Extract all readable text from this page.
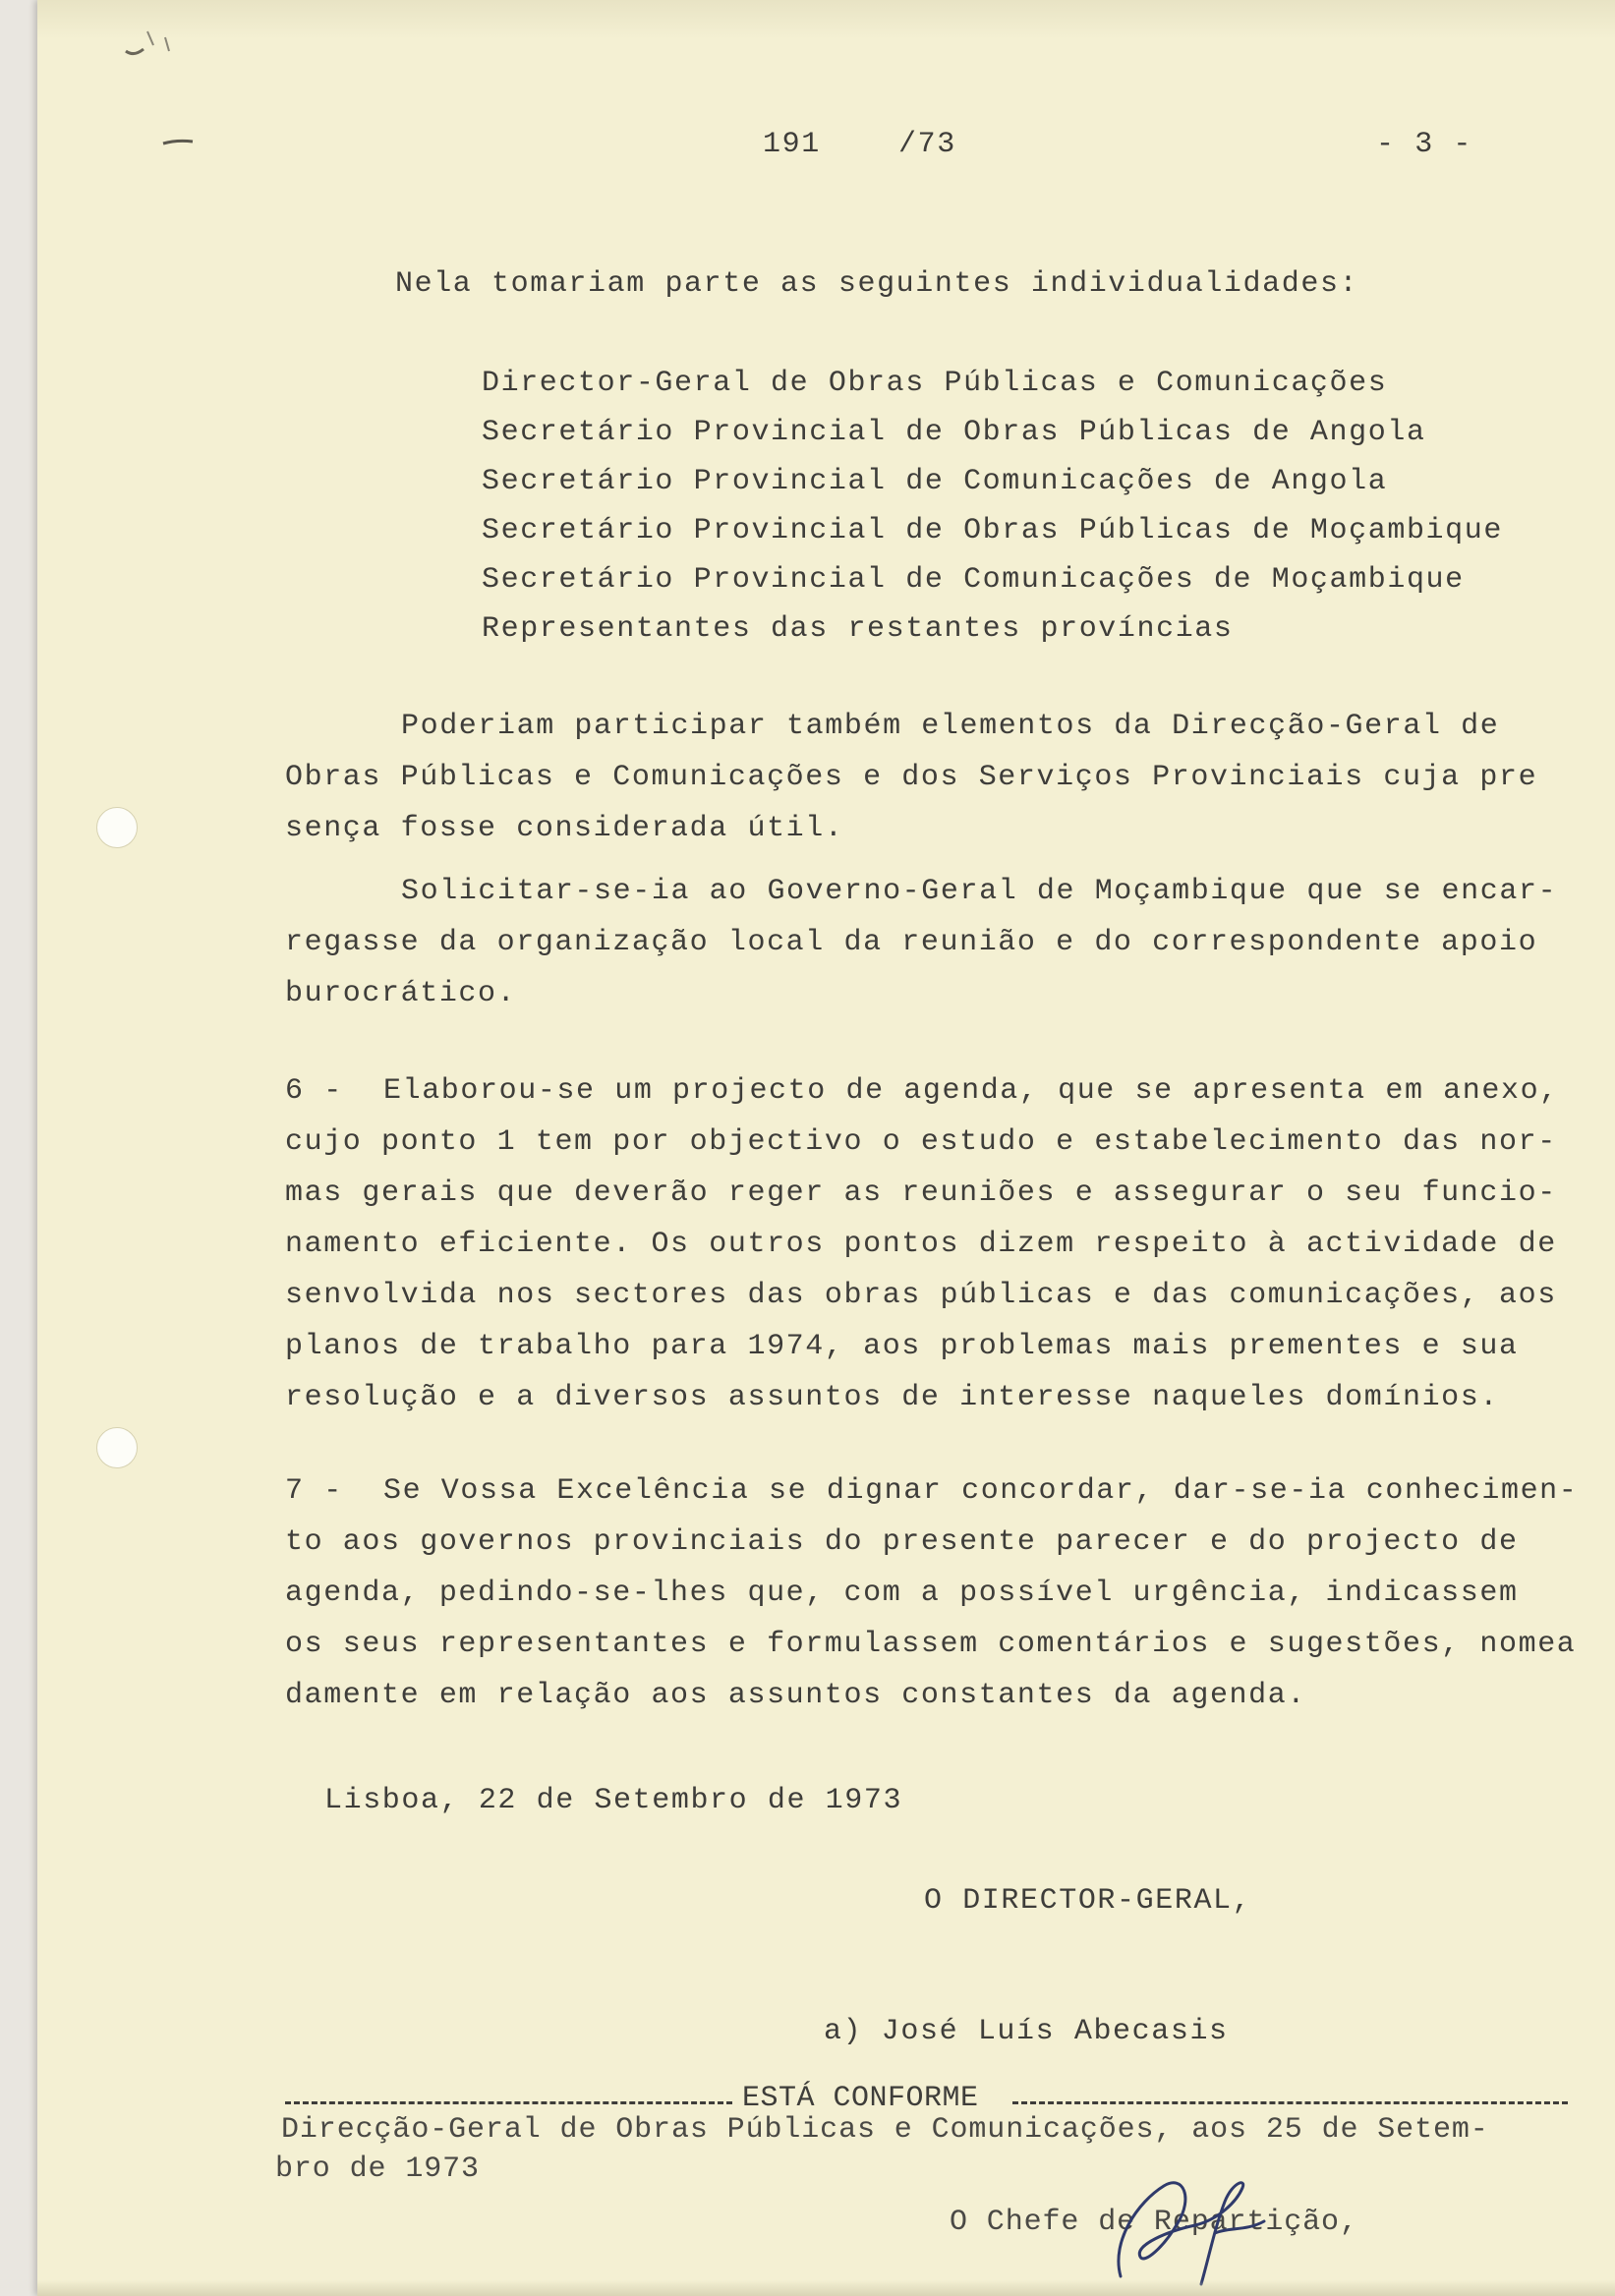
191	/73	- 3 -
Nela tomariam parte as seguintes individualidades:
Director-Geral de Obras Públicas e Comunicações
Secretário Provincial de Obras Públicas de Angola
Secretário Provincial de Comunicações de Angola
Secretário Provincial de Obras Públicas de Moçambique
Secretário Provincial de Comunicações de Moçambique
Representantes das restantes províncias
Poderiam participar também elementos da Direcção-Geral de
Obras Públicas e Comunicações e dos Serviços Provinciais cuja pre
sença fosse considerada útil.
Solicitar-se-ia ao Governo-Geral de Moçambique que se encar-
regasse da organização local da reunião e do correspondente apoio
burocrático.
6 - Elaborou-se um projecto de agenda, que se apresenta em anexo,
cujo ponto 1 tem por objectivo o estudo e estabelecimento das nor-
mas gerais que deverão reger as reuniões e assegurar o seu funcio-
namento eficiente. Os outros pontos dizem respeito à actividade de
senvolvida nos sectores das obras públicas e das comunicações, aos
planos de trabalho para 1974, aos problemas mais prementes e sua
resolução e a diversos assuntos de interesse naqueles domínios.
7 - Se Vossa Excelência se dignar concordar, dar-se-ia conhecimen-
to aos governos provinciais do presente parecer e do projecto de
agenda, pedindo-se-lhes que, com a possível urgência, indicassem
os seus representantes e formulassem comentários e sugestões, nomea
damente em relação aos assuntos constantes da agenda.
Lisboa, 22 de Setembro de 1973
O DIRECTOR-GERAL,
a) José Luís Abecasis
ESTÁ CONFORME
Direcção-Geral de Obras Públicas e Comunicações, aos 25 de Setem-
bro de 1973
O Chefe de Repartição,
